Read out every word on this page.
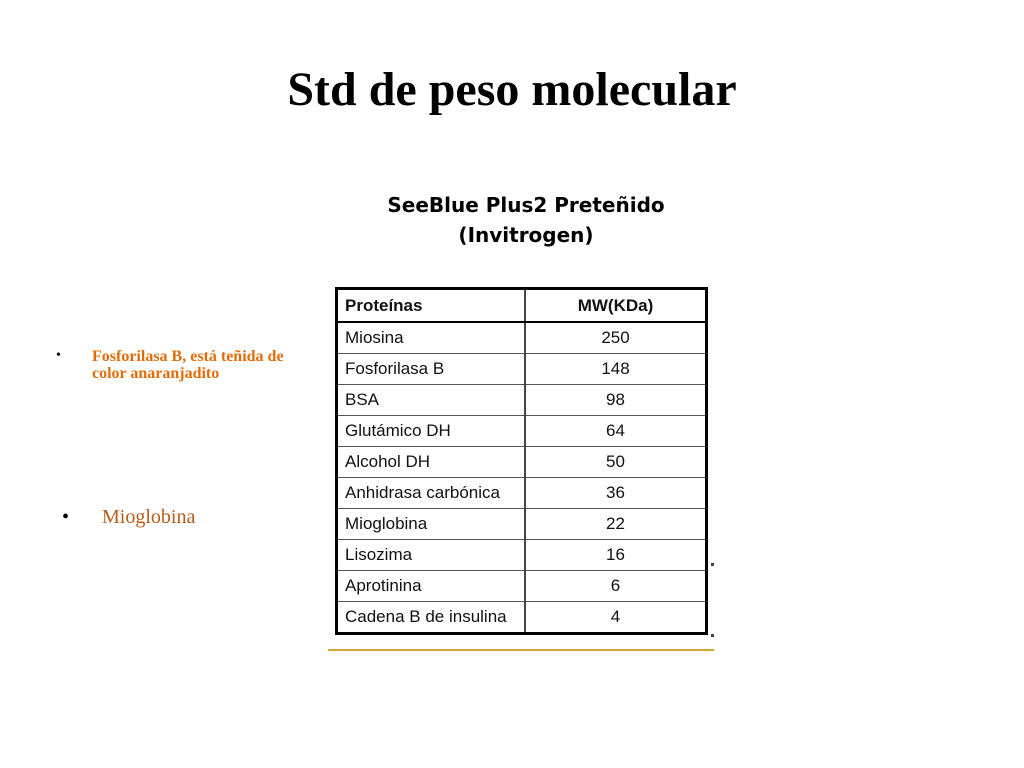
Std de peso molecular
SeeBlue Plus2 Preteñido
(Invitrogen)
• Fosforilasa B, está teñida de color anaranjadito
• Mioglobina
Proteínas	MW(KDa)
Miosina	250
Fosforilasa B	148
BSA	98
Glutámico DH	64
Alcohol DH	50
Anhidrasa carbónica	36
Mioglobina	22
Lisozima	16
Aprotinina	6
Cadena B de insulina	4
